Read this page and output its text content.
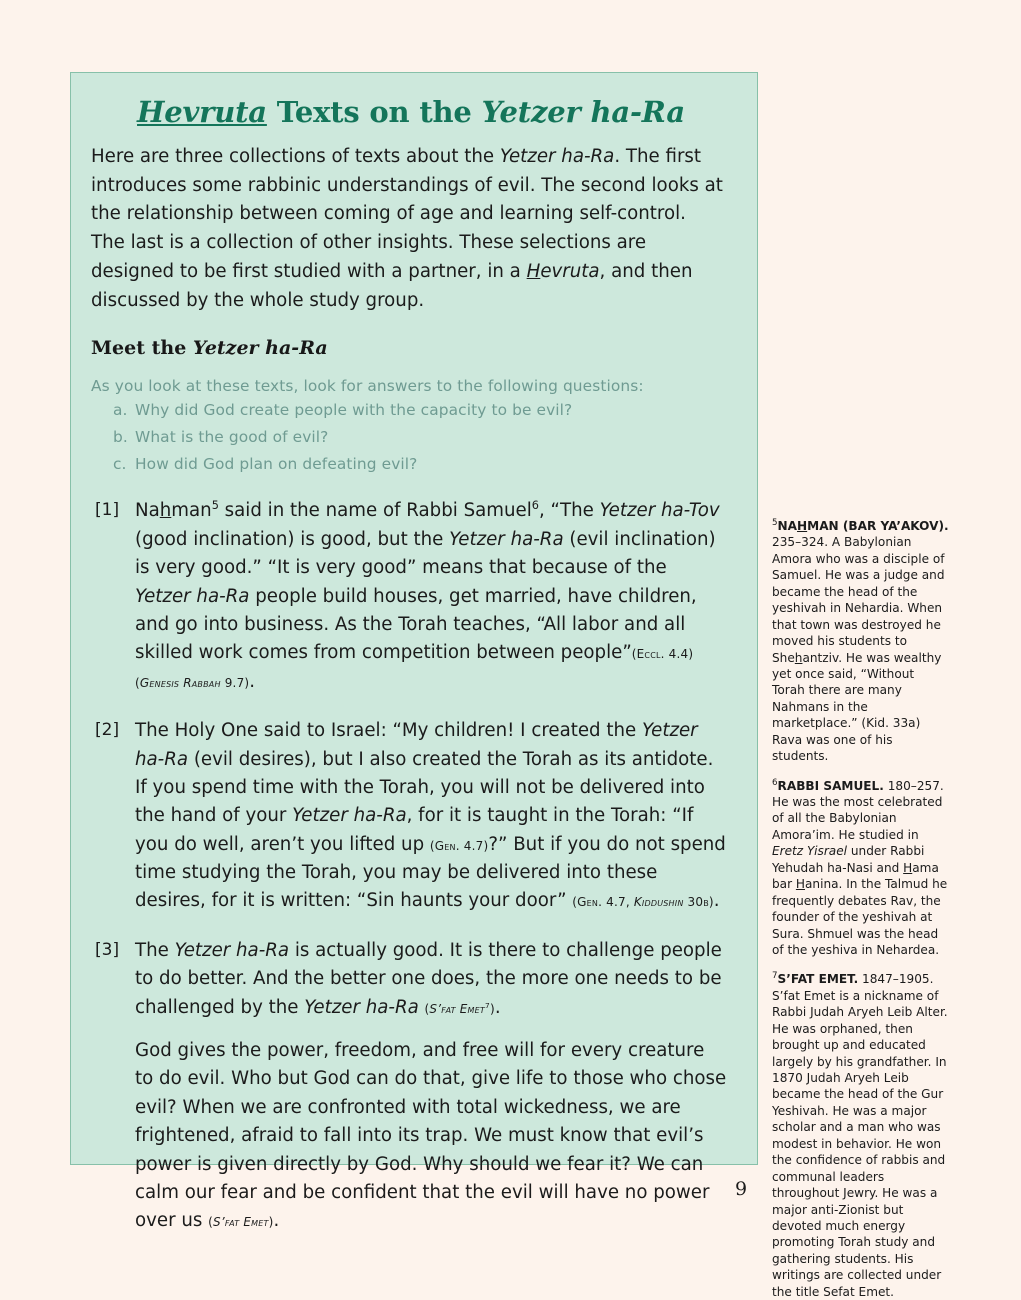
Hevruta Texts on the Yetzer ha-Ra

Here are three collections of texts about the Yetzer ha-Ra. The first introduces some rabbinic understandings of evil. The second looks at the relationship between coming of age and learning self-control. The last is a collection of other insights. These selections are designed to be first studied with a partner, in a Hevruta, and then discussed by the whole study group.

Meet the Yetzer ha-Ra

As you look at these texts, look for answers to the following questions:

a. Why did God create people with the capacity to be evil?
b. What is the good of evil?
c. How did God plan on defeating evil?
[1] Nahman$^5$ said in the name of Rabbi Samuel$^6$, “The Yetzer ha-Tov (good inclination) is good, but the Yetzer ha-Ra (evil inclination) is very good.” “It is very good” means that because of the Yetzer ha-Ra people build houses, get married, have children, and go into business. As the Torah teaches, “All labor and all skilled work comes from competition between people”(Eccl. 4.4)(Genesis Rabbah 9.7).

[2] The Holy One said to Israel: “My children! I created the Yetzer ha-Ra (evil desires), but I also created the Torah as its antidote. If you spend time with the Torah, you will not be delivered into the hand of your Yetzer ha-Ra, for it is taught in the Torah: “If you do well, aren’t you lifted up (Gen. 4.7)?” But if you do not spend time studying the Torah, you may be delivered into these desires, for it is written: “Sin haunts your door” (Gen. 4.7, Kiddushin 30b).

[3] The Yetzer ha-Ra is actually good. It is there to challenge people to do better. And the better one does, the more one needs to be challenged by the Yetzer ha-Ra (S’fat Emet$^7$).

God gives the power, freedom, and free will for every creature to do evil. Who but God can do that, give life to those who chose evil? When we are confronted with total wickedness, we are frightened, afraid to fall into its trap. We must know that evil’s power is given directly by God. Why should we fear it? We can calm our fear and be confident that the evil will have no power over us (S’fat Emet).

$^5$NAHMAN (BAR YA’AKOV). 235–324. A Babylonian Amora who was a disciple of Samuel. He was a judge and became the head of the yeshivah in Nehardia. When that town was destroyed he moved his students to Shehantziv. He was wealthy yet once said, “Without Torah there are many Nahmans in the marketplace.” (Kid. 33a) Rava was one of his students.
$^6$RABBI SAMUEL. 180–257. He was the most celebrated of all the Babylonian Amora’im. He studied in Eretz Yisrael under Rabbi Yehudah ha-Nasi and Hama bar Hanina. In the Talmud he frequently debates Rav, the founder of the yeshivah at Sura. Shmuel was the head of the yeshiva in Nehardea.
$^7$S’FAT EMET. 1847–1905. S’fat Emet is a nickname of Rabbi Judah Aryeh Leib Alter. He was orphaned, then brought up and educated largely by his grandfather. In 1870 Judah Aryeh Leib became the head of the Gur Yeshivah. He was a major scholar and a man who was modest in behavior. He won the confidence of rabbis and communal leaders throughout Jewry. He was a major anti-Zionist but devoted much energy promoting Torah study and gathering students. His writings are collected under the title Sefat Emet.
9
